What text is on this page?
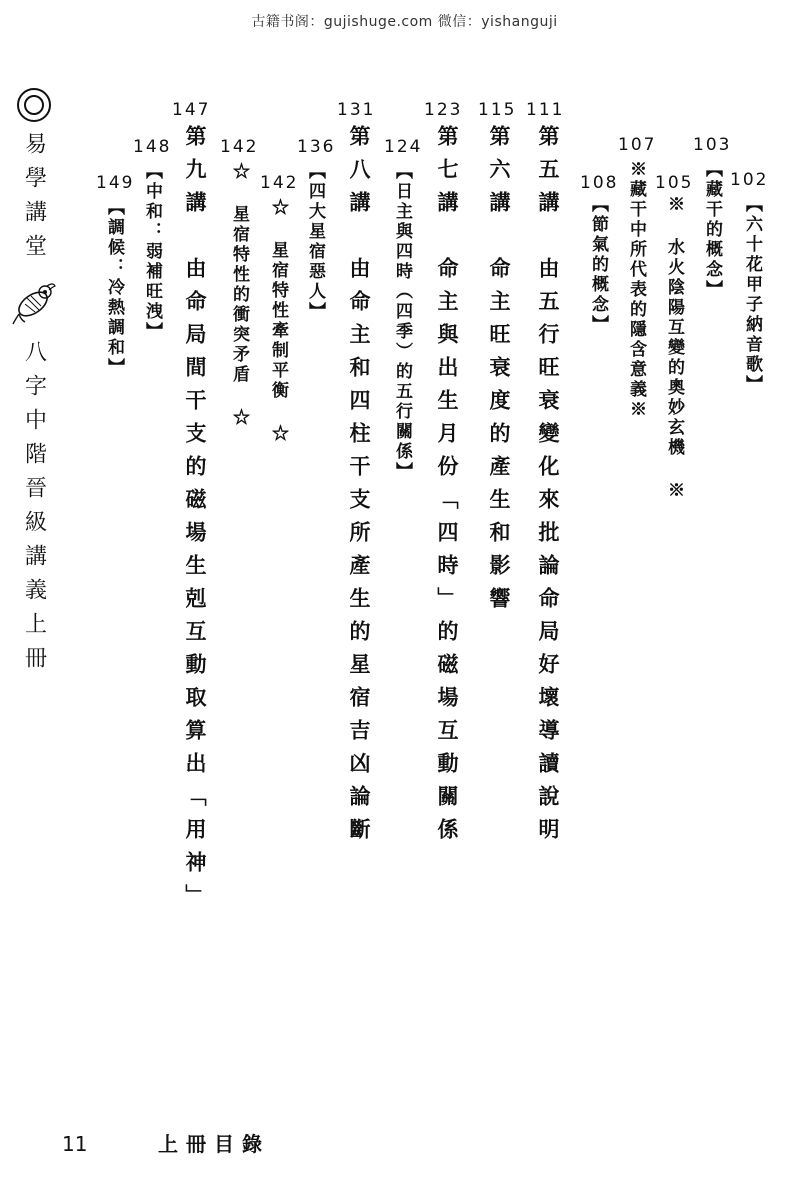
古籍书阁：gujishuge.com 微信：yishanguji
易學講堂
八字中階晉級講義上冊
102
【六十花甲子納音歌】
103
【藏干的概念】
105
※ 水火陰陽互變的奧妙玄機 ※
107
※藏干中所代表的隱含意義※
108
【節氣的概念】
111
第五講　由五行旺衰變化來批論命局好壞導讀說明
115
第六講　命主旺衰度的產生和影響
123
第七講　命主與出生月份「四時」的磁場互動關係
124
【日主與四時︵四季︶的五行關係】
131
第八講　由命主和四柱干支所產生的星宿吉凶論斷
136
【四大星宿惡人】
142
☆ 星宿特性牽制平衡 ☆
142
☆ 星宿特性的衝突矛盾 ☆
147
第九講　由命局間干支的磁場生剋互動取算出「用神」
148
【中和：弱補旺洩】
149
【調候：冷熱調和】
11	上冊目錄
